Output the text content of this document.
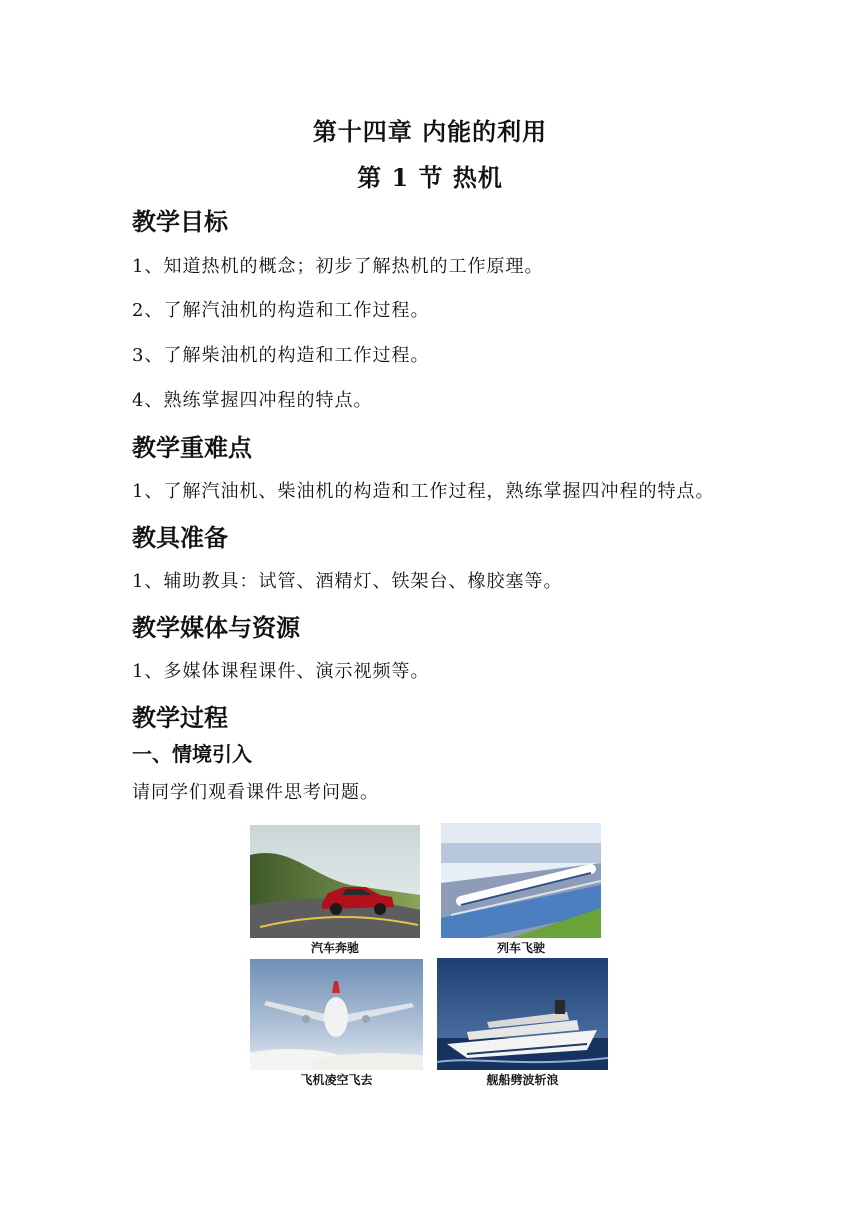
第十四章 内能的利用
第 1 节 热机
教学目标
1、知道热机的概念；初步了解热机的工作原理。
2、了解汽油机的构造和工作过程。
3、了解柴油机的构造和工作过程。
4、熟练掌握四冲程的特点。
教学重难点
1、了解汽油机、柴油机的构造和工作过程，熟练掌握四冲程的特点。
教具准备
1、辅助教具：试管、酒精灯、铁架台、橡胶塞等。
教学媒体与资源
1、多媒体课程课件、演示视频等。
教学过程
一、情境引入
请同学们观看课件思考问题。
汽车奔驰	列车飞驶
飞机凌空飞去	舰船劈波斩浪
